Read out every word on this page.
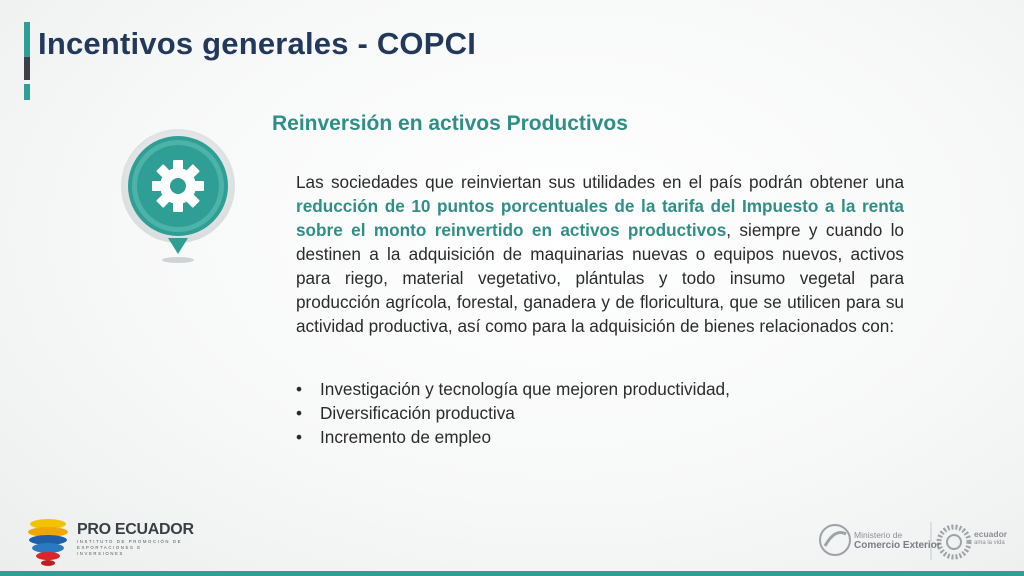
Incentivos generales - COPCI
Reinversión en activos Productivos

Las sociedades que reinviertan sus utilidades en el país podrán obtener una reducción de 10 puntos porcentuales de la tarifa del Impuesto a la renta sobre el monto reinvertido en activos productivos, siempre y cuando lo destinen a la adquisición de maquinarias nuevas o equipos nuevos, activos para riego, material vegetativo, plántulas y todo insumo vegetal para producción agrícola, forestal, ganadera y de floricultura, que se utilicen para su actividad productiva, así como para la adquisición de bienes relacionados con:

•	Investigación y tecnología que mejoren productividad,
•	Diversificación productiva
•	Incremento de empleo
PRO ECUADOR
INSTITUTO DE PROMOCIÓN DE EXPORTACIONES E INVERSIONES
Ministerio de
Comercio Exterior
ecuador
ama la vida
